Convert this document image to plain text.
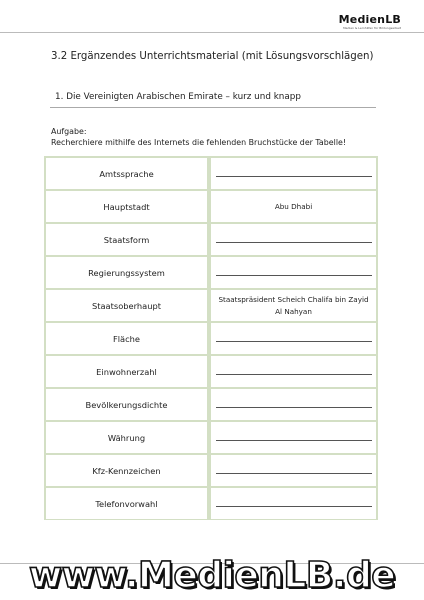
MedienLB
Medien & Lernhilfen für Bildungsarbeit
3.2 Ergänzendes Unterrichtsmaterial (mit Lösungsvorschlägen)
1. Die Vereinigten Arabischen Emirate – kurz und knapp
Aufgabe:
Recherchiere mithilfe des Internets die fehlenden Bruchstücke der Tabelle!
Amtssprache
Hauptstadt	Abu Dhabi
Staatsform
Regierungssystem
Staatsoberhaupt
Staatspräsident Scheich Chalifa bin Zayid Al Nahyan
Fläche
Einwohnerzahl
Bevölkerungsdichte
Währung
Kfz-Kennzeichen
Telefonvorwahl
www.MedienLB.de
